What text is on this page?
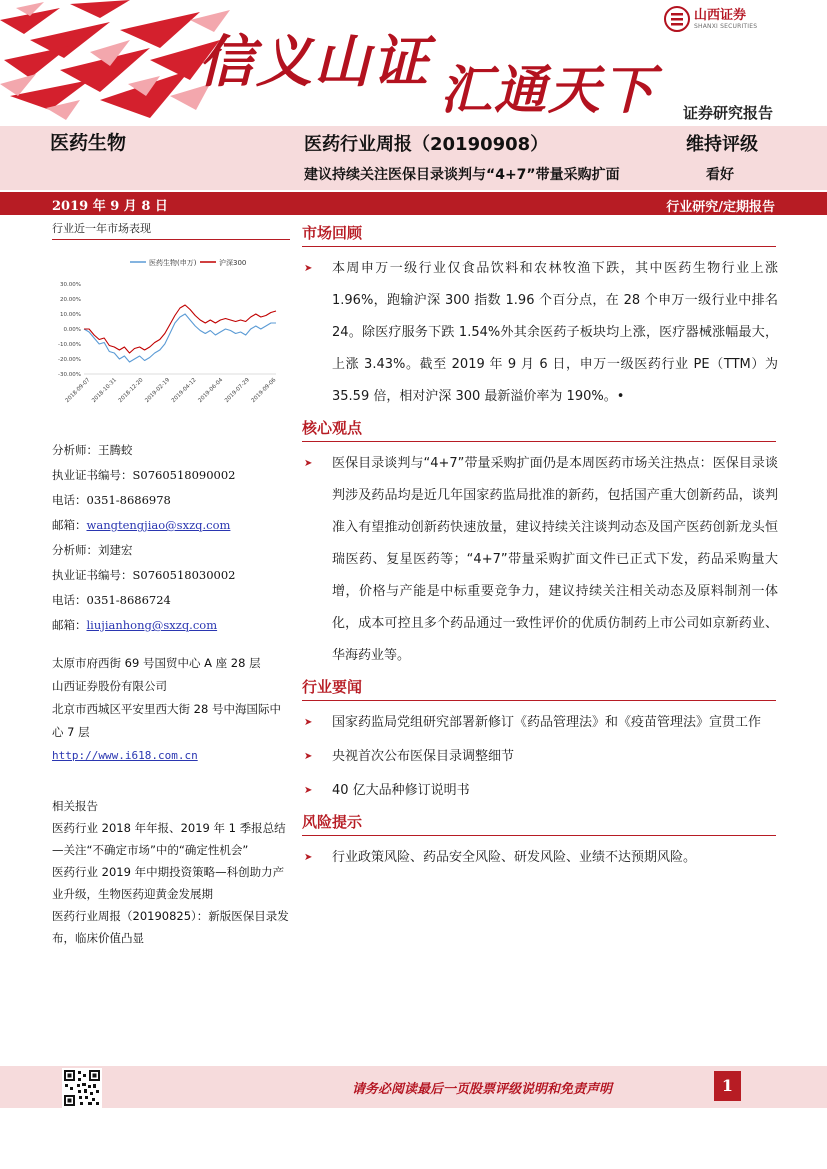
信义山证 汇通天下
山西证券
SHANXI SECURITIES
证券研究报告
医药生物	医药行业周报（20190908）	维持评级
建议持续关注医保目录谈判与“4+7”带量采购扩面	看好
2019 年 9 月 8 日	行业研究/定期报告
行业近一年市场表现
医药生物(申万)	沪深300
30.00%
20.00%
10.00%
0.00%
-10.00%
-20.00%
-30.00%
2018-09-07 2018-10-31 2018-12-20 2019-02-19 2019-04-12 2019-06-04 2019-07-29 2019-09-06
分析师：王腾蛟
执业证书编号：S0760518090002
电话：0351-8686978
邮箱：wangtengjiao@sxzq.com
分析师：刘建宏
执业证书编号：S0760518030002
电话：0351-8686724
邮箱：liujianhong@sxzq.com
太原市府西街 69 号国贸中心 A 座 28 层
山西证券股份有限公司
北京市西城区平安里西大街 28 号中海国际中心 7 层
http://www.i618.com.cn
相关报告
医药行业 2018 年年报、2019 年 1 季报总结—关注“不确定市场”中的“确定性机会”
医药行业 2019 年中期投资策略—科创助力产业升级，生物医药迎黄金发展期
医药行业周报（20190825）：新版医保目录发布，临床价值凸显
市场回顾
➤	本周申万一级行业仅食品饮料和农林牧渔下跌，其中医药生物行业上涨 1.96%，跑输沪深 300 指数 1.96 个百分点，在 28 个申万一级行业中排名 24。除医疗服务下跌 1.54%外其余医药子板块均上涨，医疗器械涨幅最大，上涨 3.43%。截至 2019 年 9 月 6 日，申万一级医药行业 PE（TTM）为 35.59 倍，相对沪深 300 最新溢价率为 190%。•
核心观点
➤	医保目录谈判与“4+7”带量采购扩面仍是本周医药市场关注热点：医保目录谈判涉及药品均是近几年国家药监局批准的新药，包括国产重大创新药品，谈判准入有望推动创新药快速放量，建议持续关注谈判动态及国产医药创新龙头恒瑞医药、复星医药等；“4+7”带量采购扩面文件已正式下发，药品采购量大增，价格与产能是中标重要竞争力，建议持续关注相关动态及原料制剂一体化，成本可控且多个药品通过一致性评价的优质仿制药上市公司如京新药业、华海药业等。
行业要闻
➤	国家药监局党组研究部署新修订《药品管理法》和《疫苗管理法》宣贯工作
➤	央视首次公布医保目录调整细节
➤	40 亿大品种修订说明书
风险提示
➤	行业政策风险、药品安全风险、研发风险、业绩不达预期风险。
请务必阅读最后一页股票评级说明和免责声明	1
